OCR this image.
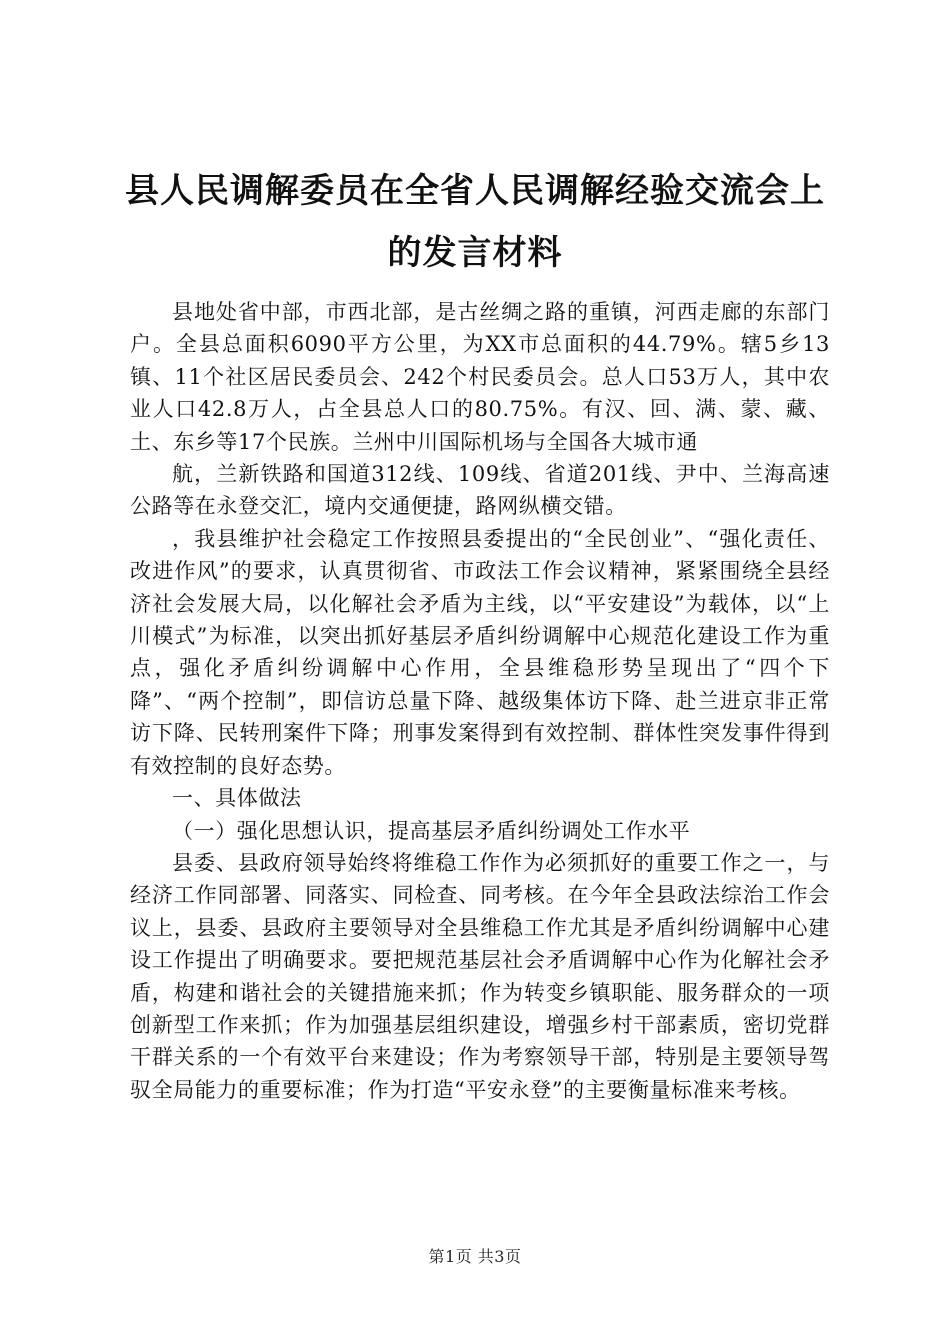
县人民调解委员在全省人民调解经验交流会上的发言材料

县地处省中部，市西北部，是古丝绸之路的重镇，河西走廊的东部门户。全县总面积6090平方公里，为XX市总面积的44.79%。辖5乡13镇、11个社区居民委员会、242个村民委员会。总人口53万人，其中农业人口42.8万人，占全县总人口的80.75%。有汉、回、满、蒙、藏、土、东乡等17个民族。兰州中川国际机场与全国各大城市通

航，兰新铁路和国道312线、109线、省道201线、尹中、兰海高速公路等在永登交汇，境内交通便捷，路网纵横交错。

，我县维护社会稳定工作按照县委提出的“全民创业”、“强化责任、改进作风”的要求，认真贯彻省、市政法工作会议精神，紧紧围绕全县经济社会发展大局，以化解社会矛盾为主线，以“平安建设”为载体，以“上川模式”为标准，以突出抓好基层矛盾纠纷调解中心规范化建设工作为重点，强化矛盾纠纷调解中心作用，全县维稳形势呈现出了“四个下降”、“两个控制”，即信访总量下降、越级集体访下降、赴兰进京非正常访下降、民转刑案件下降；刑事发案得到有效控制、群体性突发事件得到有效控制的良好态势。

一、具体做法

（一）强化思想认识，提高基层矛盾纠纷调处工作水平

县委、县政府领导始终将维稳工作作为必须抓好的重要工作之一，与经济工作同部署、同落实、同检查、同考核。在今年全县政法综治工作会议上，县委、县政府主要领导对全县维稳工作尤其是矛盾纠纷调解中心建设工作提出了明确要求。要把规范基层社会矛盾调解中心作为化解社会矛盾，构建和谐社会的关键措施来抓；作为转变乡镇职能、服务群众的一项创新型工作来抓；作为加强基层组织建设，增强乡村干部素质，密切党群干群关系的一个有效平台来建设；作为考察领导干部，特别是主要领导驾驭全局能力的重要标准；作为打造“平安永登”的主要衡量标准来考核。

第1页 共3页
